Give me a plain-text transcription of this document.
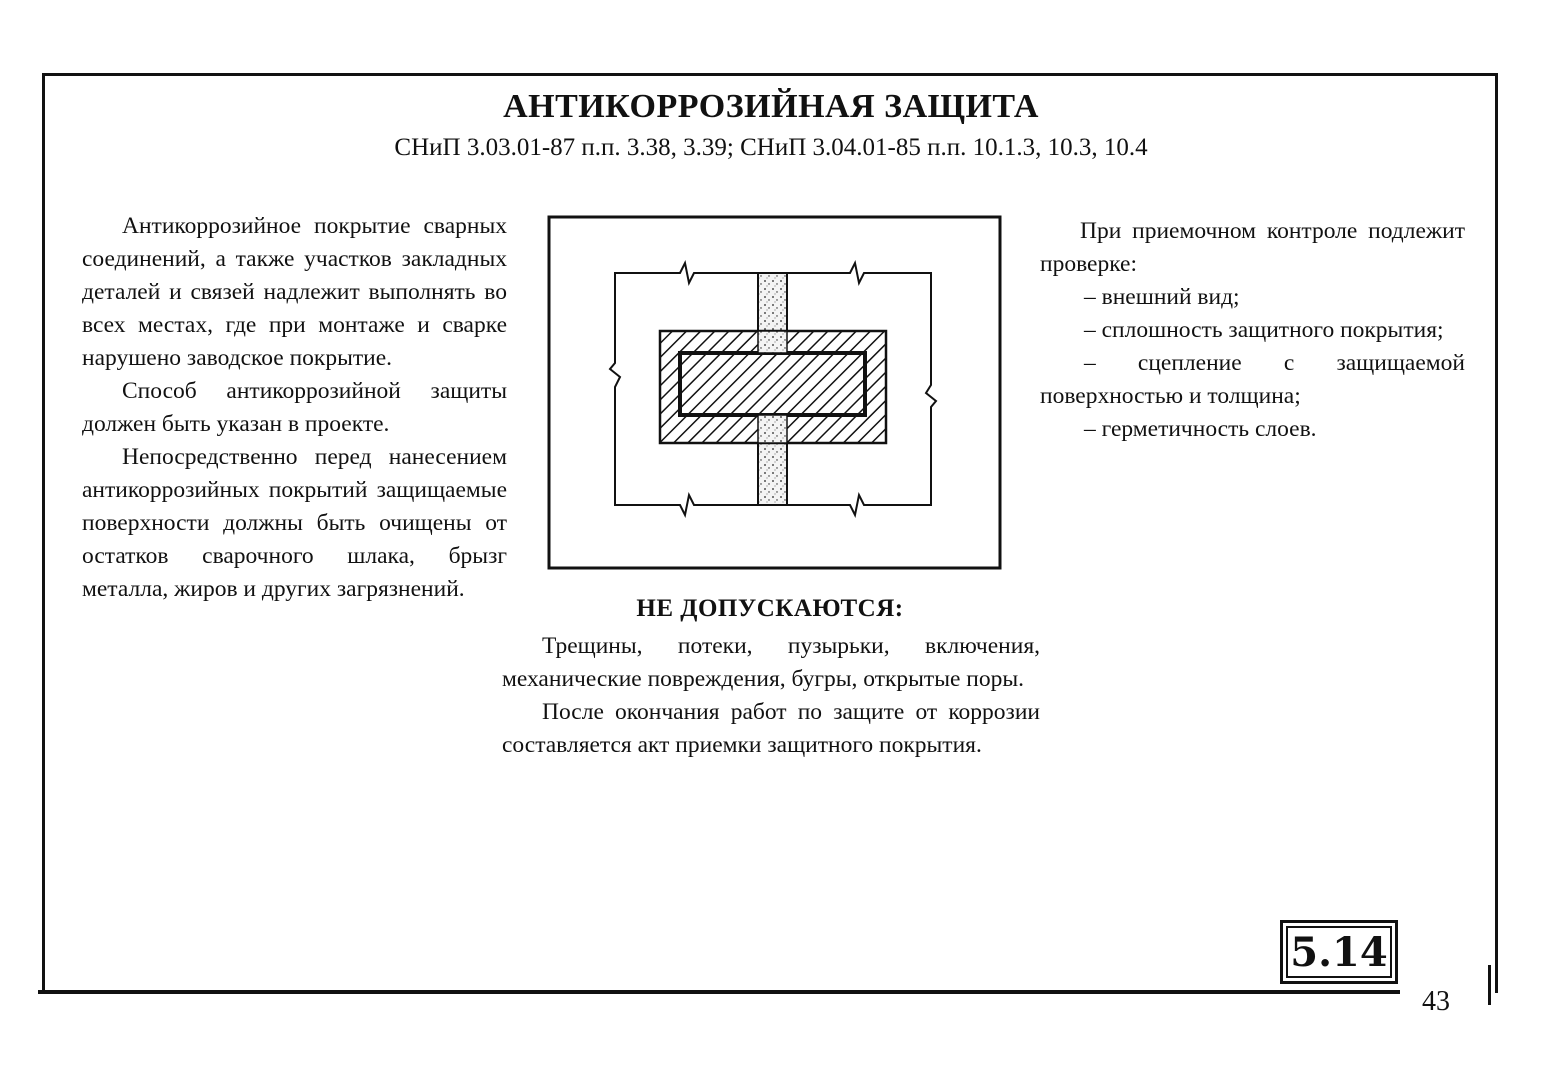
АНТИКОРРОЗИЙНАЯ ЗАЩИТА
СНиП 3.03.01-87 п.п. 3.38, 3.39; СНиП 3.04.01-85 п.п. 10.1.3, 10.3, 10.4

Антикоррозийное покрытие сварных соединений, а также участков закладных деталей и связей надлежит выполнять во всех местах, где при монтаже и сварке нарушено заводское покрытие.

Способ антикоррозийной защиты должен быть указан в проекте.

Непосредственно перед нанесением антикоррозийных покрытий защищаемые поверхности должны быть очищены от остатков сварочного шлака, брызг металла, жиров и других загрязнений.

НЕ ДОПУСКАЮТСЯ:

Трещины, потеки, пузырьки, включения, механические повреждения, бугры, открытые поры.

После окончания работ по защите от коррозии составляется акт приемки защитного покрытия.

При приемочном контроле подлежит проверке:

– внешний вид;

– сплошность защитного покрытия;

– сцепление с защищаемой поверхностью и толщина;

– герметичность слоев.

5.14
43
